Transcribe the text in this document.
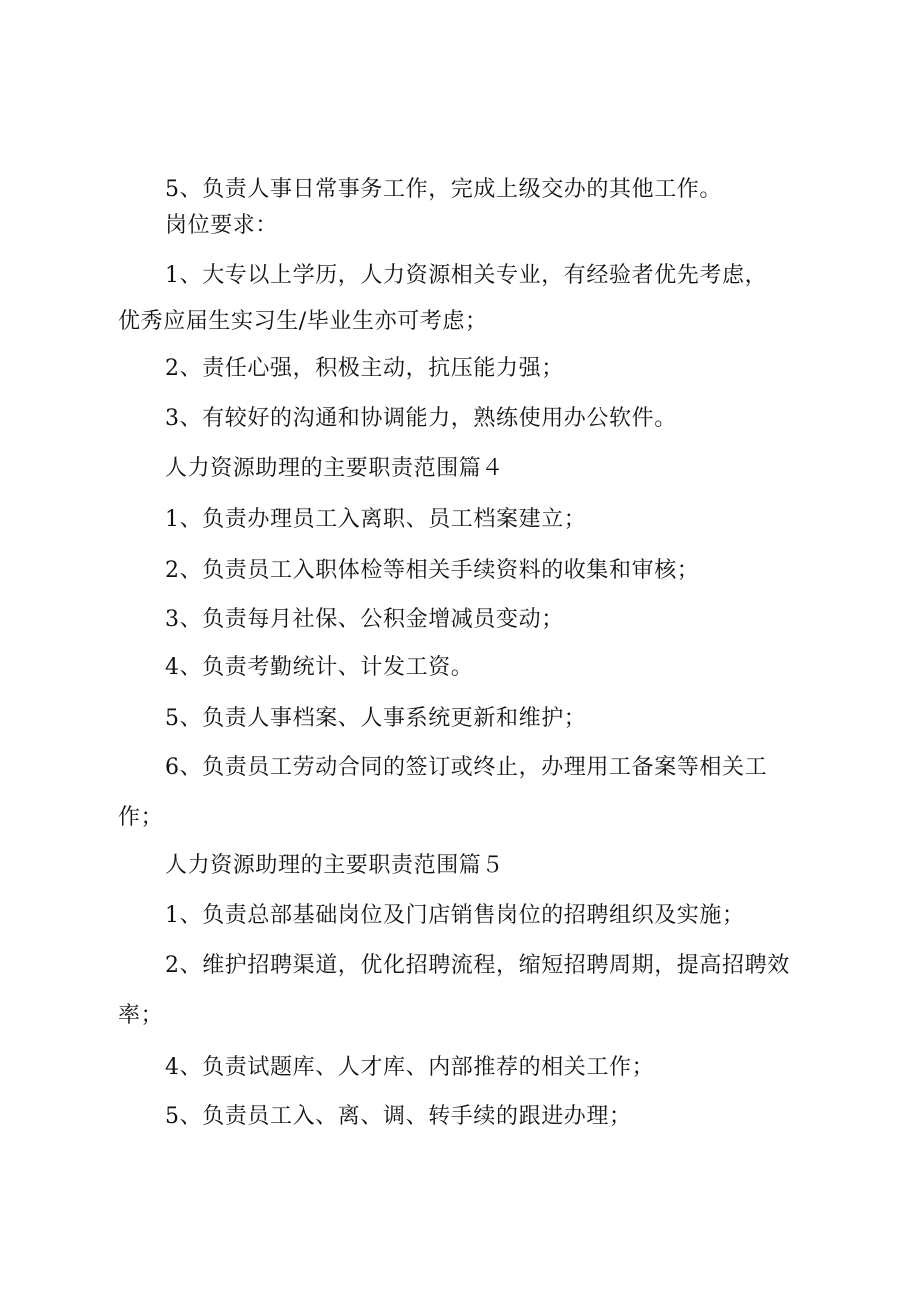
5、负责人事日常事务工作，完成上级交办的其他工作。
岗位要求：
1、大专以上学历，人力资源相关专业，有经验者优先考虑，
优秀应届生实习生/毕业生亦可考虑；
2、责任心强，积极主动，抗压能力强；
3、有较好的沟通和协调能力，熟练使用办公软件。
人力资源助理的主要职责范围篇４
1、负责办理员工入离职、员工档案建立；
2、负责员工入职体检等相关手续资料的收集和审核；
3、负责每月社保、公积金增减员变动；
4、负责考勤统计、计发工资。
5、负责人事档案、人事系统更新和维护；
6、负责员工劳动合同的签订或终止，办理用工备案等相关工
作；
人力资源助理的主要职责范围篇５
1、负责总部基础岗位及门店销售岗位的招聘组织及实施；
2、维护招聘渠道，优化招聘流程，缩短招聘周期，提高招聘效
率；
4、负责试题库、人才库、内部推荐的相关工作；
5、负责员工入、离、调、转手续的跟进办理；
